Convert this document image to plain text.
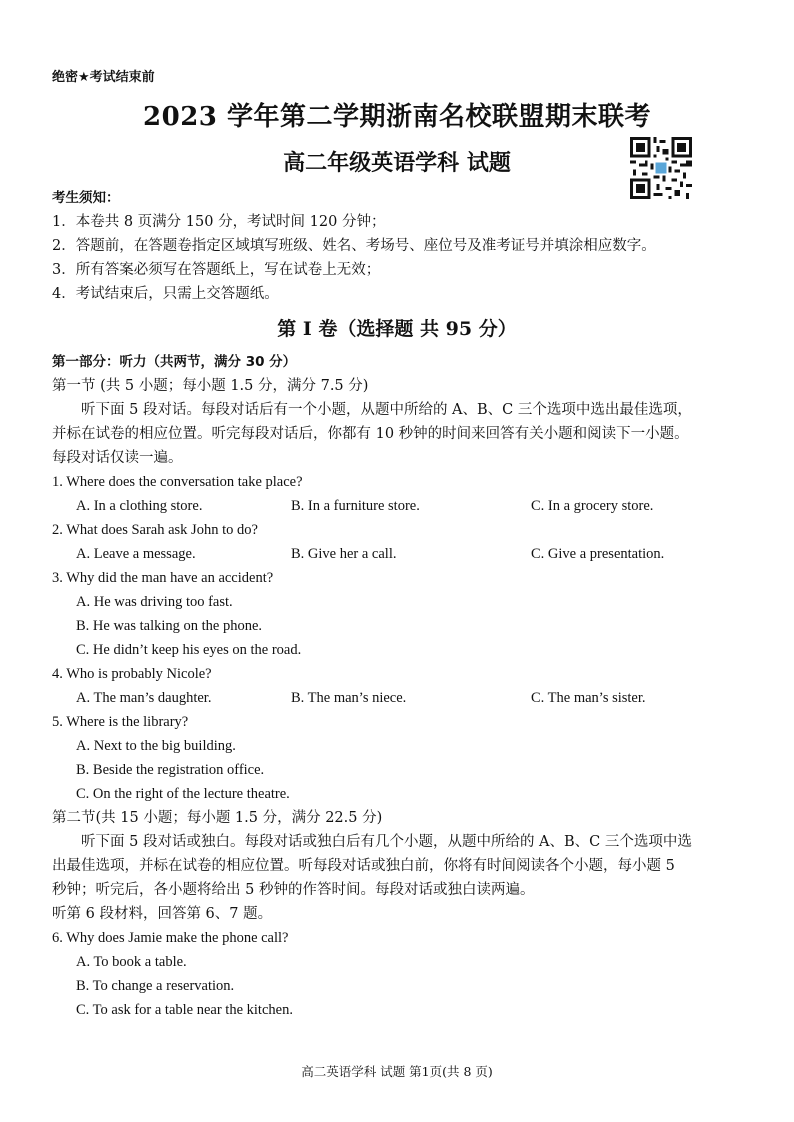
绝密★考试结束前
2023 学年第二学期浙南名校联盟期末联考
高二年级英语学科 试题
考生须知：
1．本卷共 8 页满分 150 分，考试时间 120 分钟；
2．答题前，在答题卷指定区域填写班级、姓名、考场号、座位号及准考证号并填涂相应数字。
3．所有答案必须写在答题纸上，写在试卷上无效；
4．考试结束后，只需上交答题纸。
第 I 卷（选择题 共 95 分）
第一部分：听力（共两节，满分 30 分）
第一节 (共 5 小题；每小题 1.5 分，满分 7.5 分)
听下面 5 段对话。每段对话后有一个小题，从题中所给的 A、B、C 三个选项中选出最佳选项，
并标在试卷的相应位置。听完每段对话后，你都有 10 秒钟的时间来回答有关小题和阅读下一小题。
每段对话仅读一遍。
1. Where does the conversation take place?
A. In a clothing store.	B. In a furniture store.	C. In a grocery store.
2. What does Sarah ask John to do?
A. Leave a message.	B. Give her a call.	C. Give a presentation.
3. Why did the man have an accident?
A. He was driving too fast.
B. He was talking on the phone.
C. He didn’t keep his eyes on the road.
4. Who is probably Nicole?
A. The man’s daughter.	B. The man’s niece.	C. The man’s sister.
5. Where is the library?
A. Next to the big building.
B. Beside the registration office.
C. On the right of the lecture theatre.
第二节(共 15 小题；每小题 1.5 分，满分 22.5 分)
听下面 5 段对话或独白。每段对话或独白后有几个小题，从题中所给的 A、B、C 三个选项中选
出最佳选项，并标在试卷的相应位置。听每段对话或独白前，你将有时间阅读各个小题，每小题 5
秒钟；听完后，各小题将给出 5 秒钟的作答时间。每段对话或独白读两遍。
听第 6 段材料，回答第 6、7 题。
6. Why does Jamie make the phone call?
A. To book a table.
B. To change a reservation.
C. To ask for a table near the kitchen.
高二英语学科 试题 第1页(共 8 页)
